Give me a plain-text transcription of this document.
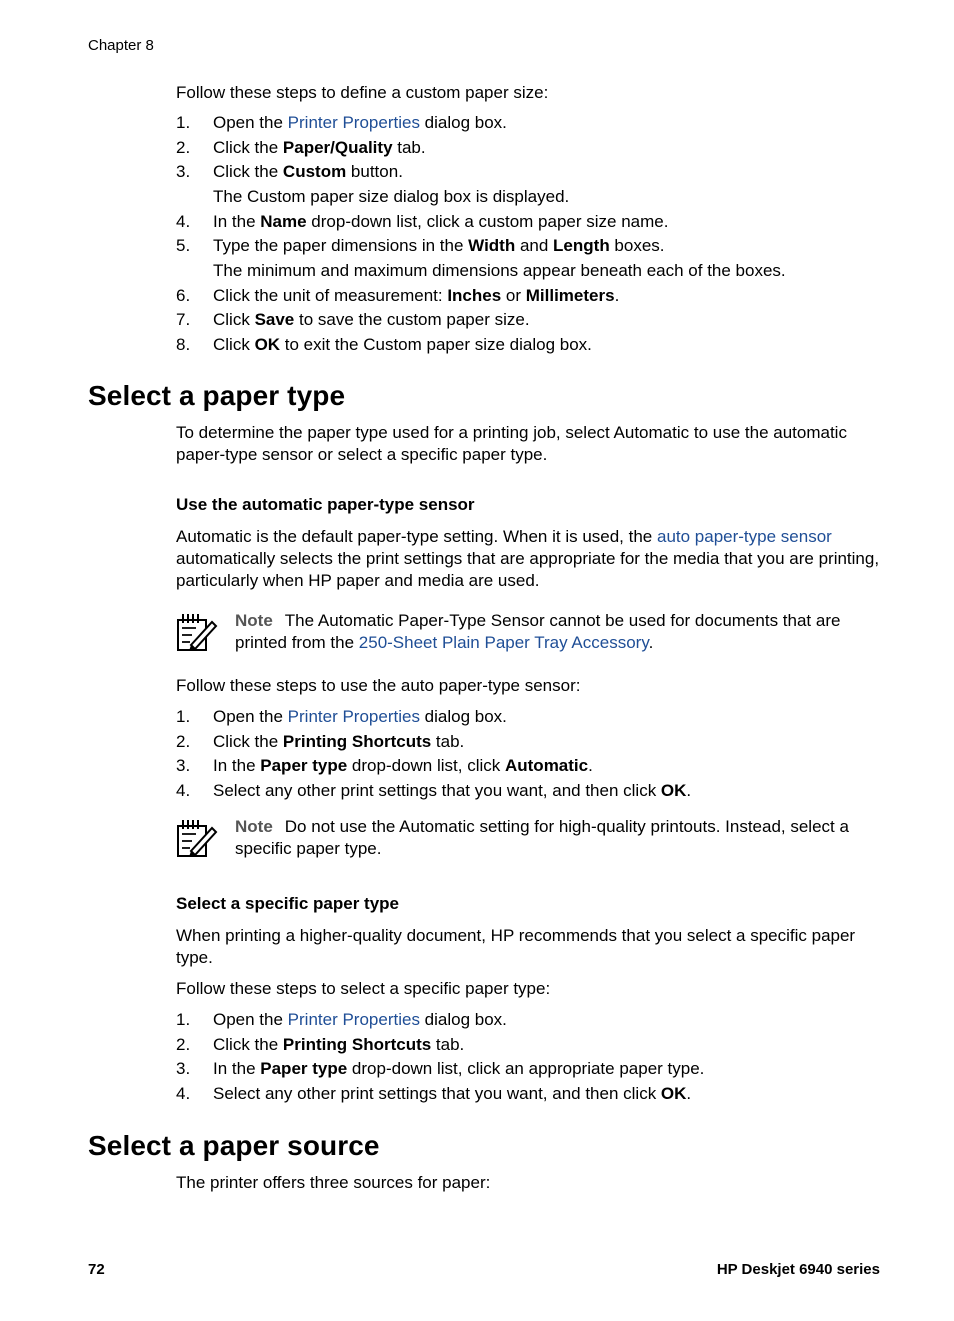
Chapter 8
Follow these steps to define a custom paper size:
1.	Open the Printer Properties dialog box.
2.	Click the Paper/Quality tab.
3.	Click the Custom button.
The Custom paper size dialog box is displayed.
4.	In the Name drop-down list, click a custom paper size name.
5.	Type the paper dimensions in the Width and Length boxes.
The minimum and maximum dimensions appear beneath each of the boxes.
6.	Click the unit of measurement: Inches or Millimeters.
7.	Click Save to save the custom paper size.
8.	Click OK to exit the Custom paper size dialog box.
Select a paper type
To determine the paper type used for a printing job, select Automatic to use the automatic paper-type sensor or select a specific paper type.
Use the automatic paper-type sensor
Automatic is the default paper-type setting. When it is used, the auto paper-type sensor automatically selects the print settings that are appropriate for the media that you are printing, particularly when HP paper and media are used.
Note The Automatic Paper-Type Sensor cannot be used for documents that are printed from the 250-Sheet Plain Paper Tray Accessory.
Follow these steps to use the auto paper-type sensor:
1.	Open the Printer Properties dialog box.
2.	Click the Printing Shortcuts tab.
3.	In the Paper type drop-down list, click Automatic.
4.	Select any other print settings that you want, and then click OK.
Note Do not use the Automatic setting for high-quality printouts. Instead, select a specific paper type.
Select a specific paper type
When printing a higher-quality document, HP recommends that you select a specific paper type.
Follow these steps to select a specific paper type:
1.	Open the Printer Properties dialog box.
2.	Click the Printing Shortcuts tab.
3.	In the Paper type drop-down list, click an appropriate paper type.
4.	Select any other print settings that you want, and then click OK.
Select a paper source
The printer offers three sources for paper:
72	HP Deskjet 6940 series
